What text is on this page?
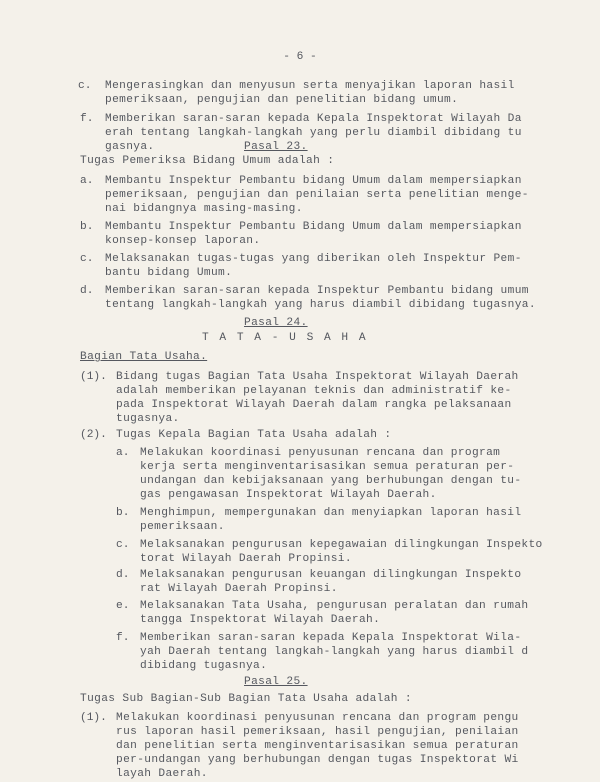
- 6 -
c. Mengerasingkan dan menyusun serta menyajikan laporan hasil
pemeriksaan, pengujian dan penelitian bidang umum.
f. Memberikan saran-saran kepada Kepala Inspektorat Wilayah Da
erah tentang langkah-langkah yang perlu diambil dibidang tu
gasnya.	Pasal 23.
Tugas Pemeriksa Bidang Umum adalah :
a. Membantu Inspektur Pembantu bidang Umum dalam mempersiapkan
pemeriksaan, pengujian dan penilaian serta penelitian menge-
nai bidangnya masing-masing.
b. Membantu Inspektur Pembantu Bidang Umum dalam mempersiapkan
konsep-konsep laporan.
c. Melaksanakan tugas-tugas yang diberikan oleh Inspektur Pem-
bantu bidang Umum.
d. Memberikan saran-saran kepada Inspektur Pembantu bidang umum
tentang langkah-langkah yang harus diambil dibidang tugasnya.
Pasal 24.
T A T A - U S A H A
Bagian Tata Usaha.
(1). Bidang tugas Bagian Tata Usaha Inspektorat Wilayah Daerah
adalah memberikan pelayanan teknis dan administratif ke-
pada Inspektorat Wilayah Daerah dalam rangka pelaksanaan
tugasnya.
(2). Tugas Kepala Bagian Tata Usaha adalah :
a. Melakukan koordinasi penyusunan rencana dan program
kerja serta menginventarisasikan semua peraturan per-
undangan dan kebijaksanaan yang berhubungan dengan tu-
gas pengawasan Inspektorat Wilayah Daerah.
b. Menghimpun, mempergunakan dan menyiapkan laporan hasil
pemeriksaan.
c. Melaksanakan pengurusan kepegawaian dilingkungan Inspekto
torat Wilayah Daerah Propinsi.
d. Melaksanakan pengurusan keuangan dilingkungan Inspekto
rat Wilayah Daerah Propinsi.
e. Melaksanakan Tata Usaha, pengurusan peralatan dan rumah
tangga Inspektorat Wilayah Daerah.
f. Memberikan saran-saran kepada Kepala Inspektorat Wila-
yah Daerah tentang langkah-langkah yang harus diambil d
dibidang tugasnya.
Pasal 25.
Tugas Sub Bagian-Sub Bagian Tata Usaha adalah :
(1). Melakukan koordinasi penyusunan rencana dan program pengu
rus laporan hasil pemeriksaan, hasil pengujian, penilaian
dan penelitian serta menginventarisasikan semua peraturan
per-undangan yang berhubungan dengan tugas Inspektorat Wi
layah Daerah.
